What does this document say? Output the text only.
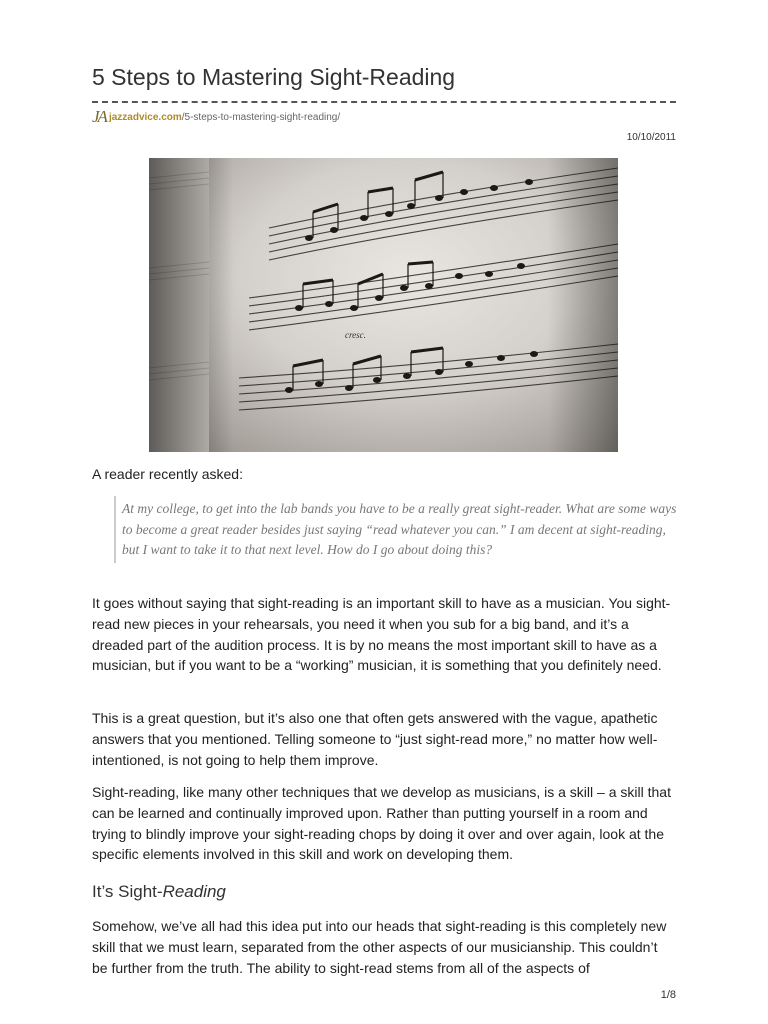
5 Steps to Mastering Sight-Reading
JA jazzadvice.com/5-steps-to-mastering-sight-reading/
10/10/2011

A reader recently asked:

At my college, to get into the lab bands you have to be a really great sight-reader. What are some ways to become a great reader besides just saying “read whatever you can.” I am decent at sight-reading, but I want to take it to that next level. How do I go about doing this?

It goes without saying that sight-reading is an important skill to have as a musician. You sight-read new pieces in your rehearsals, you need it when you sub for a big band, and it’s a dreaded part of the audition process. It is by no means the most important skill to have as a musician, but if you want to be a “working” musician, it is something that you definitely need.

This is a great question, but it’s also one that often gets answered with the vague, apathetic answers that you mentioned. Telling someone to “just sight-read more,” no matter how well-intentioned, is not going to help them improve.

Sight-reading, like many other techniques that we develop as musicians, is a skill – a skill that can be learned and continually improved upon. Rather than putting yourself in a room and trying to blindly improve your sight-reading chops by doing it over and over again, look at the specific elements involved in this skill and work on developing them.

It’s Sight-Reading

Somehow, we’ve all had this idea put into our heads that sight-reading is this completely new skill that we must learn, separated from the other aspects of our musicianship. This couldn’t be further from the truth. The ability to sight-read stems from all of the aspects of

1/8
